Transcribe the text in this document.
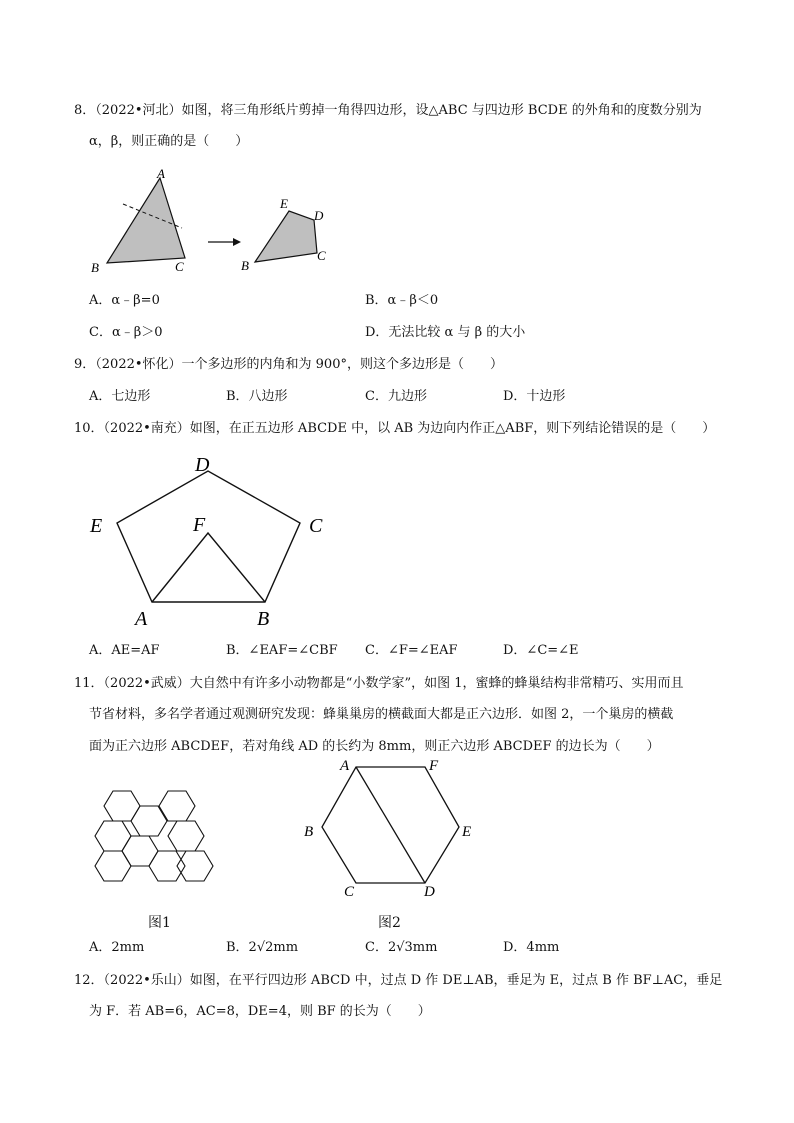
8．（2022•河北）如图，将三角形纸片剪掉一角得四边形，设△ABC 与四边形 BCDE 的外角和的度数分别为
α，β，则正确的是（　　）
A
B	C
E
D
B
C
A．α﹣β=0	B．α﹣β＜0
C．α﹣β＞0	D．无法比较 α 与 β 的大小
9．（2022•怀化）一个多边形的内角和为 900°，则这个多边形是（　　）
A．七边形	B．八边形	C．九边形	D．十边形
10．（2022•南充）如图，在正五边形 ABCDE 中，以 AB 为边向内作正△ABF，则下列结论错误的是（　　）
D
E	F	C
A	B
A．AE=AF	B．∠EAF=∠CBF C．∠F=∠EAF	D．∠C=∠E
11．（2022•武威）大自然中有许多小动物都是“小数学家”，如图 1，蜜蜂的蜂巢结构非常精巧、实用而且
节省材料，多名学者通过观测研究发现：蜂巢巢房的横截面大都是正六边形．如图 2，一个巢房的横截
面为正六边形 ABCDEF，若对角线 AD 的长约为 8mm，则正六边形 ABCDEF 的边长为（　　）
图1
A	F
B	E
C	D
图2
A．2mm	B．2√2mm	C．2√3mm	D．4mm
12．（2022•乐山）如图，在平行四边形 ABCD 中，过点 D 作 DE⊥AB，垂足为 E，过点 B 作 BF⊥AC，垂足
为 F．若 AB=6，AC=8，DE=4，则 BF 的长为（　　）
